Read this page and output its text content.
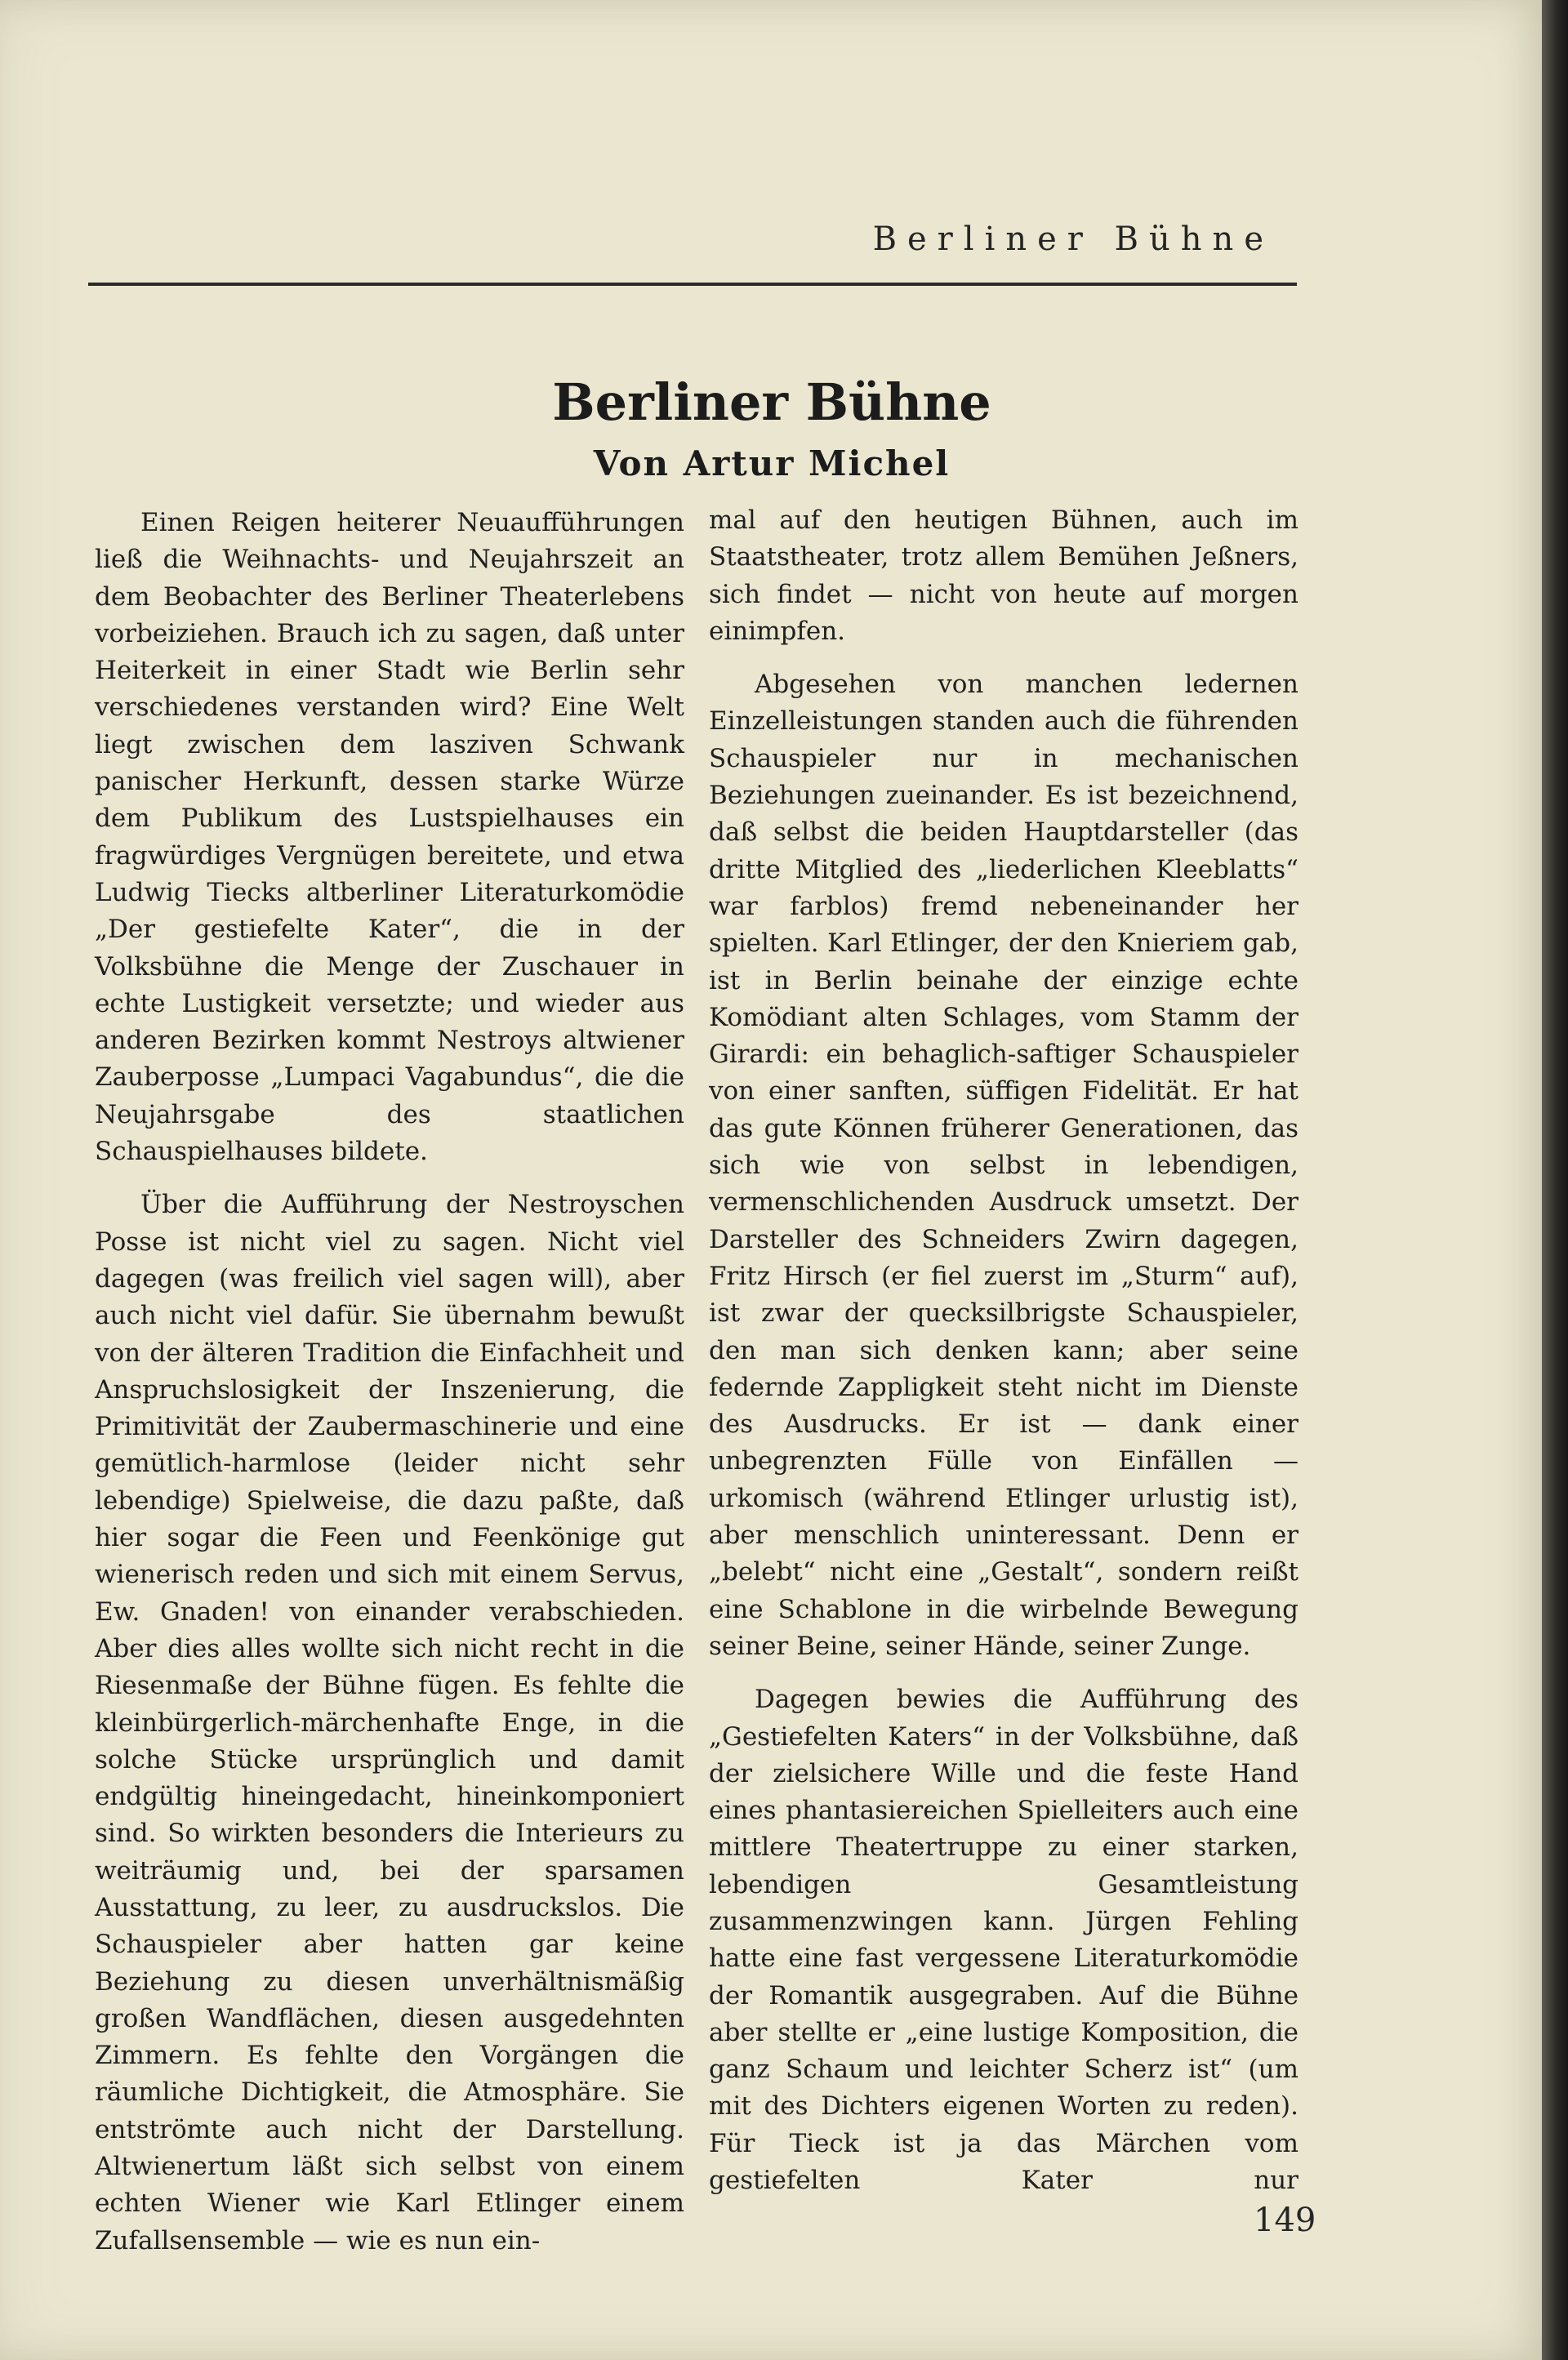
Berliner Bühne
Berliner Bühne
Von Artur Michel

Einen Reigen heiterer Neuaufführungen ließ die Weihnachts- und Neujahrszeit an dem Beobachter des Berliner Theaterlebens vorbeiziehen. Brauch ich zu sagen, daß unter Heiterkeit in einer Stadt wie Berlin sehr verschiedenes verstanden wird? Eine Welt liegt zwischen dem laszivеn Schwank panischer Herkunft, dessen starke Würze dem Publikum des Lustspielhauses ein fragwürdiges Vergnügen bereitete, und etwa Ludwig Tiecks altberliner Literaturkomödie „Der gestiefelte Kater“, die in der Volksbühne die Menge der Zuschauer in echte Lustigkeit versetzte; und wieder aus anderen Bezirken kommt Nestroys altwiener Zauberposse „Lumpaci Vagabundus“, die die Neujahrsgabe des staatlichen Schauspielhauses bildete.

Über die Aufführung der Nestroyschen Posse ist nicht viel zu sagen. Nicht viel dagegen (was freilich viel sagen will), aber auch nicht viel dafür. Sie übernahm bewußt von der älteren Tradition die Einfachheit und Anspruchslosigkeit der Inszenierung, die Primitivität der Zaubermaschinerie und eine gemütlich-harmlose (leider nicht sehr lebendige) Spielweise, die dazu paßte, daß hier sogar die Feen und Feenkönige gut wienerisch reden und sich mit einem Servus, Ew. Gnaden! von einander verabschieden. Aber dies alles wollte sich nicht recht in die Riesenmaße der Bühne fügen. Es fehlte die kleinbürgerlich-märchenhafte Enge, in die solche Stücke ursprünglich und damit endgültig hineingedacht, hineinkomponiert sind. So wirkten besonders die Interieurs zu weiträumig und, bei der sparsamen Ausstattung, zu leer, zu ausdruckslos. Die Schauspieler aber hatten gar keine Beziehung zu diesen unverhältnismäßig großen Wandflächen, diesen ausgedehnten Zimmern. Es fehlte den Vorgängen die räumliche Dichtigkeit, die Atmosphäre. Sie entströmte auch nicht der Darstellung. Altwienertum läßt sich selbst von einem echten Wiener wie Karl Etlinger einem Zufallsensemble — wie es nun ein-

mal auf den heutigen Bühnen, auch im Staatstheater, trotz allem Bemühen Jeßners, sich findet — nicht von heute auf morgen einimpfen.

Abgesehen von manchen ledernen Einzelleistungen standen auch die führenden Schauspieler nur in mechanischen Beziehungen zueinander. Es ist bezeichnend, daß selbst die beiden Hauptdarsteller (das dritte Mitglied des „liederlichen Kleeblatts“ war farblos) fremd nebeneinander her spielten. Karl Etlinger, der den Knieriem gab, ist in Berlin beinahe der einzige echte Komödiant alten Schlages, vom Stamm der Girardi: ein behaglich-saftiger Schauspieler von einer sanften, süffigen Fidelität. Er hat das gute Können früherer Generationen, das sich wie von selbst in lebendigen, vermenschlichenden Ausdruck umsetzt. Der Darsteller des Schneiders Zwirn dagegen, Fritz Hirsch (er fiel zuerst im „Sturm“ auf), ist zwar der quecksilbrigste Schauspieler, den man sich denken kann; aber seine federnde Zappligkeit steht nicht im Dienste des Ausdrucks. Er ist — dank einer unbegrenzten Fülle von Einfällen — urkomisch (während Etlinger urlustig ist), aber menschlich uninteressant. Denn er „belebt“ nicht eine „Gestalt“, sondern reißt eine Schablone in die wirbelnde Bewegung seiner Beine, seiner Hände, seiner Zunge.

Dagegen bewies die Aufführung des „Gestiefelten Katers“ in der Volksbühne, daß der zielsichere Wille und die feste Hand eines phantasiereichen Spielleiters auch eine mittlere Theatertruppe zu einer starken, lebendigen Gesamtleistung zusammenzwingen kann. Jürgen Fehling hatte eine fast vergessene Literaturkomödie der Romantik ausgegraben. Auf die Bühne aber stellte er „eine lustige Komposition, die ganz Schaum und leichter Scherz ist“ (um mit des Dichters eigenen Worten zu reden). Für Tieck ist ja das Märchen vom gestiefelten Kater nur

149
